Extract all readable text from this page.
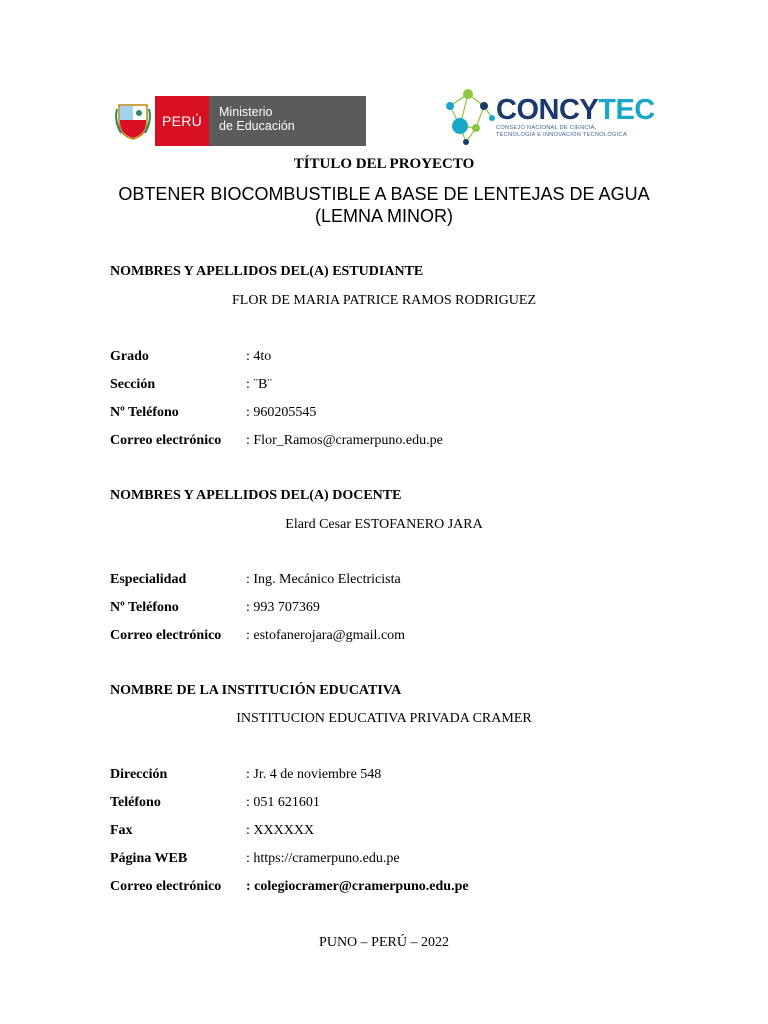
PERÚ
Ministerio
de Educación	CONCYTEC
CONSEJO NACIONAL DE CIENCIA,
TECNOLOGÍA E INNOVACIÓN TECNOLÓGICA
TÍTULO DEL PROYECTO
OBTENER BIOCOMBUSTIBLE A BASE DE LENTEJAS DE AGUA
(LEMNA MINOR)
NOMBRES Y APELLIDOS DEL(A) ESTUDIANTE
FLOR DE MARIA PATRICE RAMOS RODRIGUEZ
Grado	: 4to
Sección	: ¨B¨
Nº Teléfono	: 960205545
Correo electrónico : Flor_Ramos@cramerpuno.edu.pe
NOMBRES Y APELLIDOS DEL(A) DOCENTE
Elard Cesar ESTOFANERO JARA
Especialidad	: Ing. Mecánico Electricista
Nº Teléfono	: 993 707369
Correo electrónico : estofanerojara@gmail.com
NOMBRE DE LA INSTITUCIÓN EDUCATIVA
INSTITUCION EDUCATIVA PRIVADA CRAMER
Dirección	: Jr. 4 de noviembre 548
Teléfono	: 051 621601
Fax	: XXXXXX
Página WEB	: https://cramerpuno.edu.pe
Correo electrónico : colegiocramer@cramerpuno.edu.pe
PUNO – PERÚ – 2022
